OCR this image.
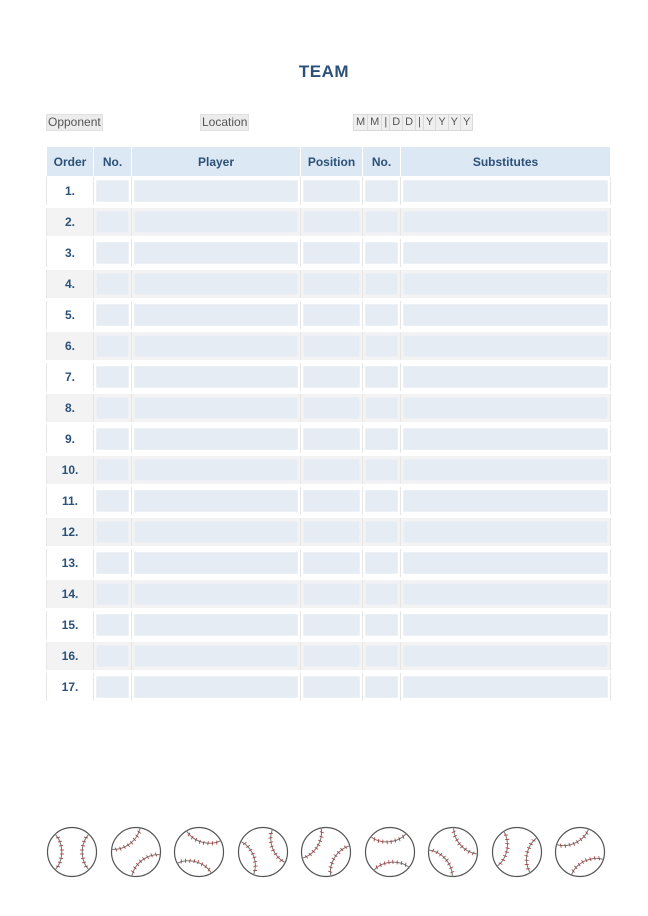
TEAM
Opponent	Location	M M | D D | Y Y Y Y
Order	No.	Player	Position	No.	Substitutes
1.	

2.	

3.	

4.	

5.	

6.	

7.	

8.	

9.	

10.	

11.	

12.	

13.	

14.	

15.	

16.	

17.	
